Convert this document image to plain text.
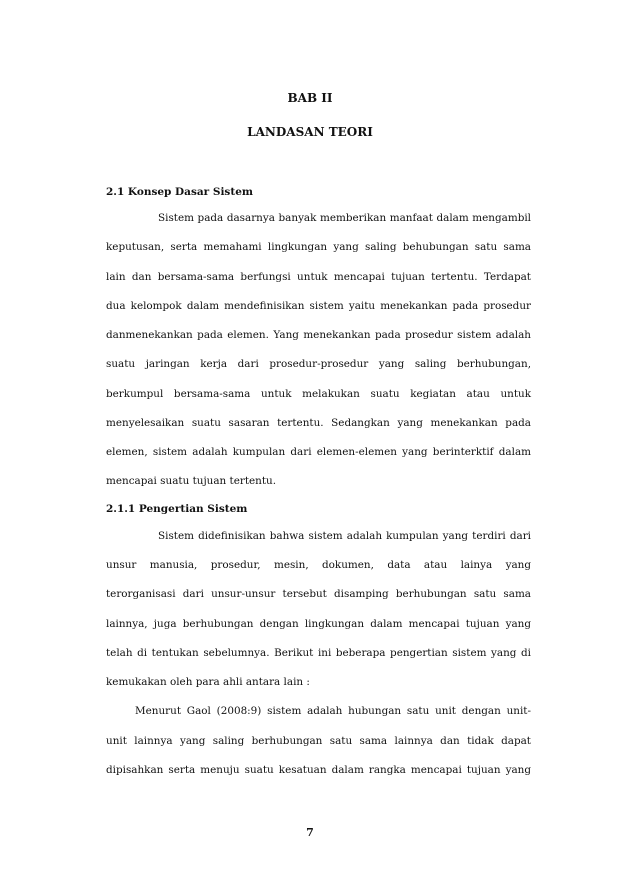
BAB II
LANDASAN TEORI
2.1 Konsep Dasar Sistem
Sistem pada dasarnya banyak memberikan manfaat dalam mengambil
keputusan, serta memahami lingkungan yang saling behubungan satu sama
lain dan bersama-sama berfungsi untuk mencapai tujuan tertentu. Terdapat
dua kelompok dalam mendefinisikan sistem yaitu menekankan pada prosedur
danmenekankan pada elemen. Yang menekankan pada prosedur sistem adalah
suatu jaringan kerja dari prosedur-prosedur yang saling berhubungan,
berkumpul bersama-sama untuk melakukan suatu kegiatan atau untuk
menyelesaikan suatu sasaran tertentu. Sedangkan yang menekankan pada
elemen, sistem adalah kumpulan dari elemen-elemen yang berinterktif dalam
mencapai suatu tujuan tertentu.
2.1.1 Pengertian Sistem
Sistem didefinisikan bahwa sistem adalah kumpulan yang terdiri dari
unsur manusia, prosedur, mesin, dokumen, data atau lainya yang
terorganisasi dari unsur-unsur tersebut disamping berhubungan satu sama
lainnya, juga berhubungan dengan lingkungan dalam mencapai tujuan yang
telah di tentukan sebelumnya. Berikut ini beberapa pengertian sistem yang di
kemukakan oleh para ahli antara lain :
Menurut Gaol (2008:9) sistem adalah hubungan satu unit dengan unit-
unit lainnya yang saling berhubungan satu sama lainnya dan tidak dapat
dipisahkan serta menuju suatu kesatuan dalam rangka mencapai tujuan yang
7
